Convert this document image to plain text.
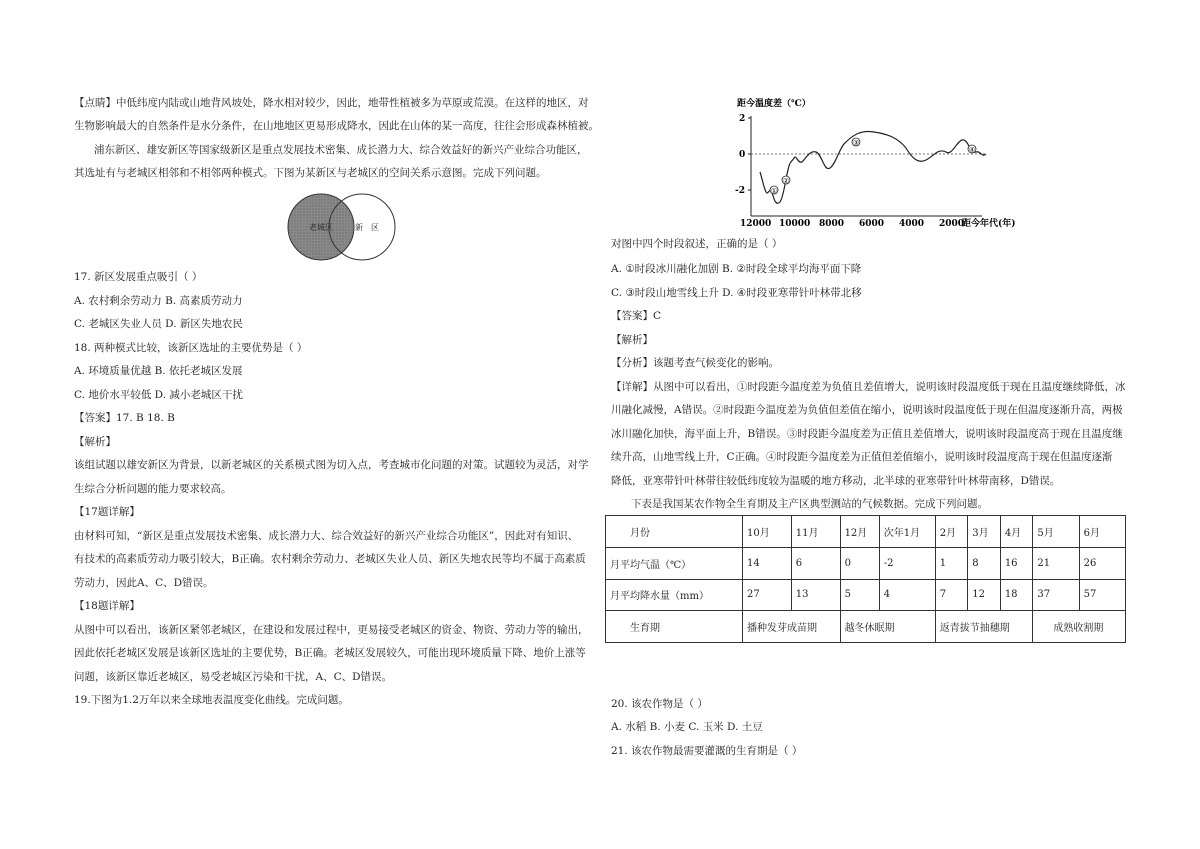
【点睛】中低纬度内陆或山地背风坡处，降水相对较少，因此，地带性植被多为草原或荒漠。在这样的地区，对
生物影响最大的自然条件是水分条件，在山地地区更易形成降水，因此在山体的某一高度，往往会形成森林植被。
浦东新区、雄安新区等国家级新区是重点发展技术密集、成长潜力大、综合效益好的新兴产业综合功能区，
其选址有与老城区相邻和不相邻两种模式。下图为某新区与老城区的空间关系示意图。完成下列问题。
老城区	新　区
17. 新区发展重点吸引（ ）
A. 农村剩余劳动力 B. 高素质劳动力
C. 老城区失业人员 D. 新区失地农民
18. 两种模式比较，该新区选址的主要优势是（ ）
A. 环境质量优越 B. 依托老城区发展
C. 地价水平较低 D. 减小老城区干扰
【答案】17. B 18. B
【解析】
该组试题以雄安新区为背景，以新老城区的关系模式图为切入点，考查城市化问题的对策。试题较为灵活，对学
生综合分析问题的能力要求较高。
【17题详解】
由材料可知，“新区是重点发展技术密集、成长潜力大、综合效益好的新兴产业综合功能区”，因此对有知识、
有技术的高素质劳动力吸引较大，B正确。农村剩余劳动力、老城区失业人员、新区失地农民等均不属于高素质
劳动力，因此A、C、D错误。
【18题详解】
从图中可以看出，该新区紧邻老城区，在建设和发展过程中，更易接受老城区的资金、物资、劳动力等的输出，
因此依托老城区发展是该新区选址的主要优势，B正确。老城区发展较久，可能出现环境质量下降、地价上涨等
问题，该新区靠近老城区，易受老城区污染和干扰，A、C、D错误。
19.下图为1.2万年以来全球地表温度变化曲线。完成问题。
距今温度差（℃）
2
0
-2	①
②
③
④
12000 10000 8000 6000 4000 2000
距今年代(年)
对图中四个时段叙述，正确的是（ ）
A. ①时段冰川融化加剧 B. ②时段全球平均海平面下降
C. ③时段山地雪线上升 D. ④时段亚寒带针叶林带北移
【答案】C
【解析】
【分析】该题考查气候变化的影响。
【详解】从图中可以看出，①时段距今温度差为负值且差值增大，说明该时段温度低于现在且温度继续降低，冰
川融化减慢，A错误。②时段距今温度差为负值但差值在缩小，说明该时段温度低于现在但温度逐渐升高，两极
冰川融化加快，海平面上升，B错误。③时段距今温度差为正值且差值增大，说明该时段温度高于现在且温度继
续升高，山地雪线上升，C正确。④时段距今温度差为正值但差值缩小，说明该时段温度高于现在但温度逐渐
降低，亚寒带针叶林带往较低纬度较为温暖的地方移动，北半球的亚寒带针叶林带南移，D错误。
下表是我国某农作物全生育期及主产区典型测站的气候数据。完成下列问题。
月份	10月	11月	12月	次年1月	2月	3月	4月	5月	6月
月平均气温（℃）	14	6	0	-2	1	8	16	21	26
月平均降水量（mm）	27	13	5	4	7	12	18	37	57
生育期	播种发芽成苗期		越冬休眠期		返青拔节抽穗期			成熟收割期	
20. 该农作物是（ ）
A. 水稻 B. 小麦 C. 玉米 D. 土豆
21. 该农作物最需要灌溉的生育期是（ ）
